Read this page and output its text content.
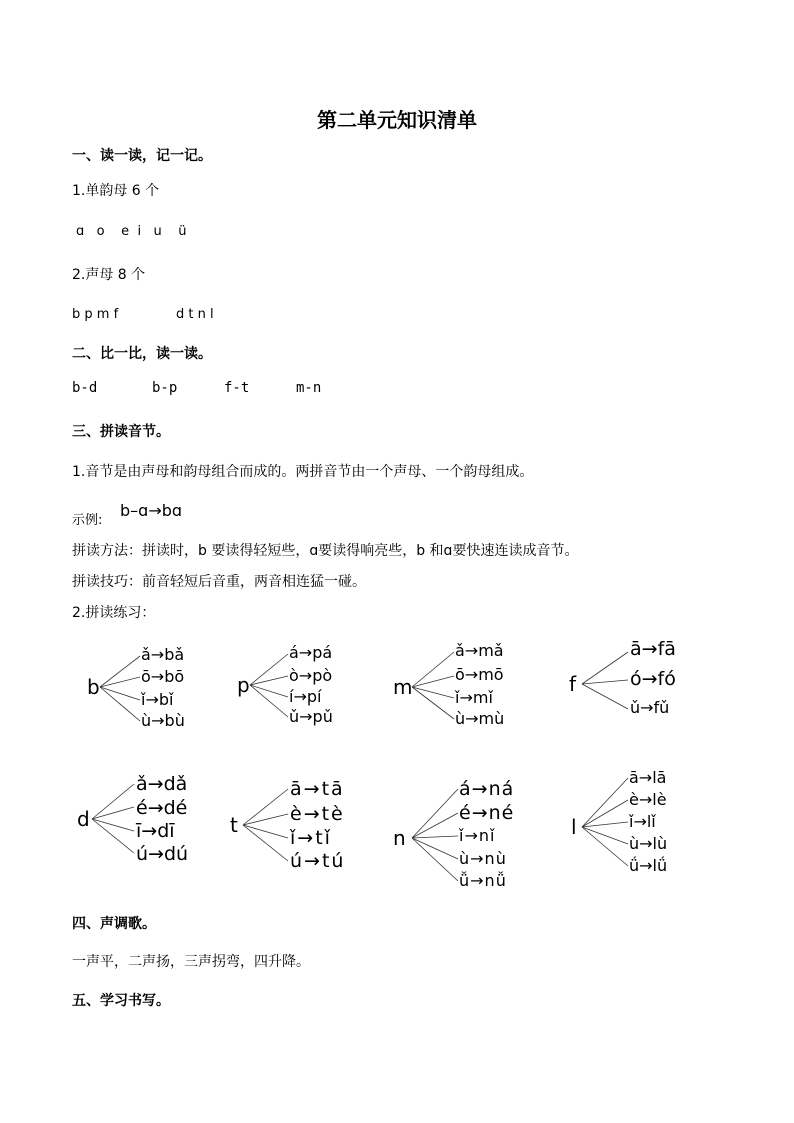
第二单元知识清单
一、读一读，记一记。
1.单韵母 6 个
ɑ o e i u ü
2.声母 8 个
b p m f	d t n l
二、比一比，读一读。
b-d	b-p	f-t	m-n
三、拼读音节。
1.音节是由声母和韵母组合而成的。两拼音节由一个声母、一个韵母组成。
示例:
b–ɑ→bɑ
拼读方法：拼读时，b 要读得轻短些，ɑ要读得响亮些，b 和ɑ要快速连读成音节。
拼读技巧：前音轻短后音重，两音相连猛一碰。
2.拼读练习：
b
ǎ→bǎ
ō→bō
ǐ→bǐ
ù→bù
p
á→pá
ò→pò
í→pí
ǔ→pǔ
m
ǎ→mǎ
ō→mō
ǐ→mǐ
ù→mù
f
ā→fā
ó→fó
ǔ→fǔ
d
ǎ→dǎ
é→dé
ī→dī
ú→dú
t
ā→tā
è→tè
ǐ→tǐ
ú→tú
n
á→ná
é→né
ǐ→nǐ
ù→nù
ǚ→nǚ
l
ā→lā
è→lè
ǐ→lǐ
ù→lù
ǘ→lǘ
四、声调歌。
一声平，二声扬，三声拐弯，四升降。
五、学习书写。
